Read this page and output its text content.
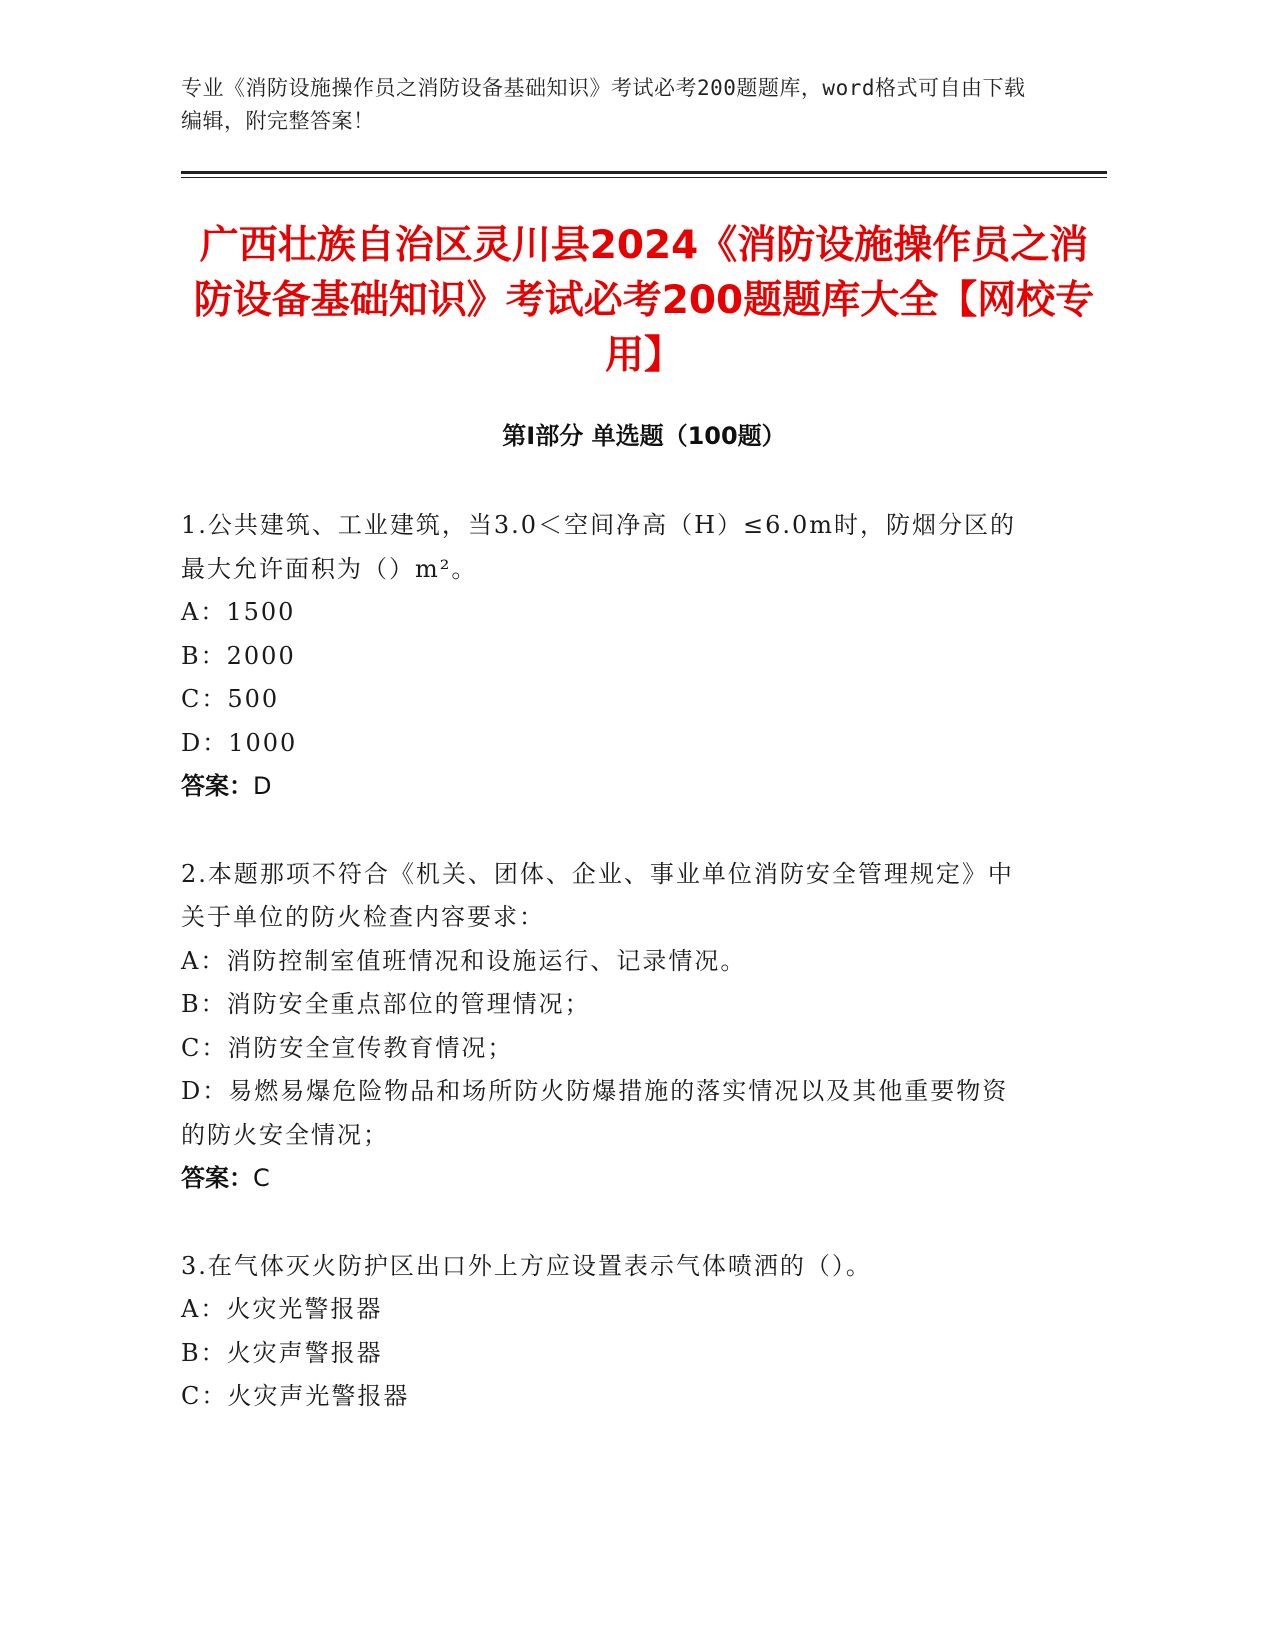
专业《消防设施操作员之消防设备基础知识》考试必考200题题库，word格式可自由下载编辑，附完整答案！
广西壮族自治区灵川县2024《消防设施操作员之消防设备基础知识》考试必考200题题库大全【网校专用】
第Ⅰ部分 单选题（100题）
1.公共建筑、工业建筑，当3.0＜空间净高（H）≤6.0m时，防烟分区的最大允许面积为（）m²。
A：1500
B：2000
C：500
D：1000
答案：D
2.本题那项不符合《机关、团体、企业、事业单位消防安全管理规定》中关于单位的防火检查内容要求：
A：消防控制室值班情况和设施运行、记录情况。
B：消防安全重点部位的管理情况；
C：消防安全宣传教育情况；
D：易燃易爆危险物品和场所防火防爆措施的落实情况以及其他重要物资的防火安全情况；
答案：C
3.在气体灭火防护区出口外上方应设置表示气体喷洒的（）。
A：火灾光警报器
B：火灾声警报器
C：火灾声光警报器
